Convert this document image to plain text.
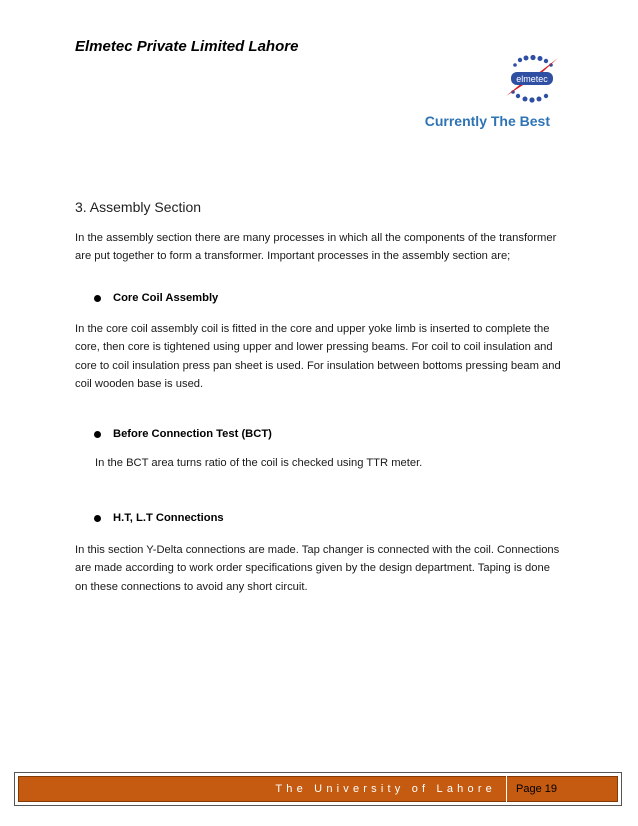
Elmetec Private Limited Lahore
elmetec
Currently The Best
3. Assembly Section
In the assembly section there are many processes in which all the components of the transformer are put together to form a transformer. Important processes in the assembly section are;
Core Coil Assembly
In the core coil assembly coil is fitted in the core and upper yoke limb is inserted to complete the core, then core is tightened using upper and lower pressing beams. For coil to coil insulation and core to coil insulation press pan sheet is used. For insulation between bottoms pressing beam and coil wooden base is used.
Before Connection Test (BCT)
In the BCT area turns ratio of the coil is checked using TTR meter.
H.T, L.T Connections
In this section Y-Delta connections are made. Tap changer is connected with the coil. Connections are made according to work order specifications given by the design department. Taping is done on these connections to avoid any short circuit.
The University of Lahore	Page 19
